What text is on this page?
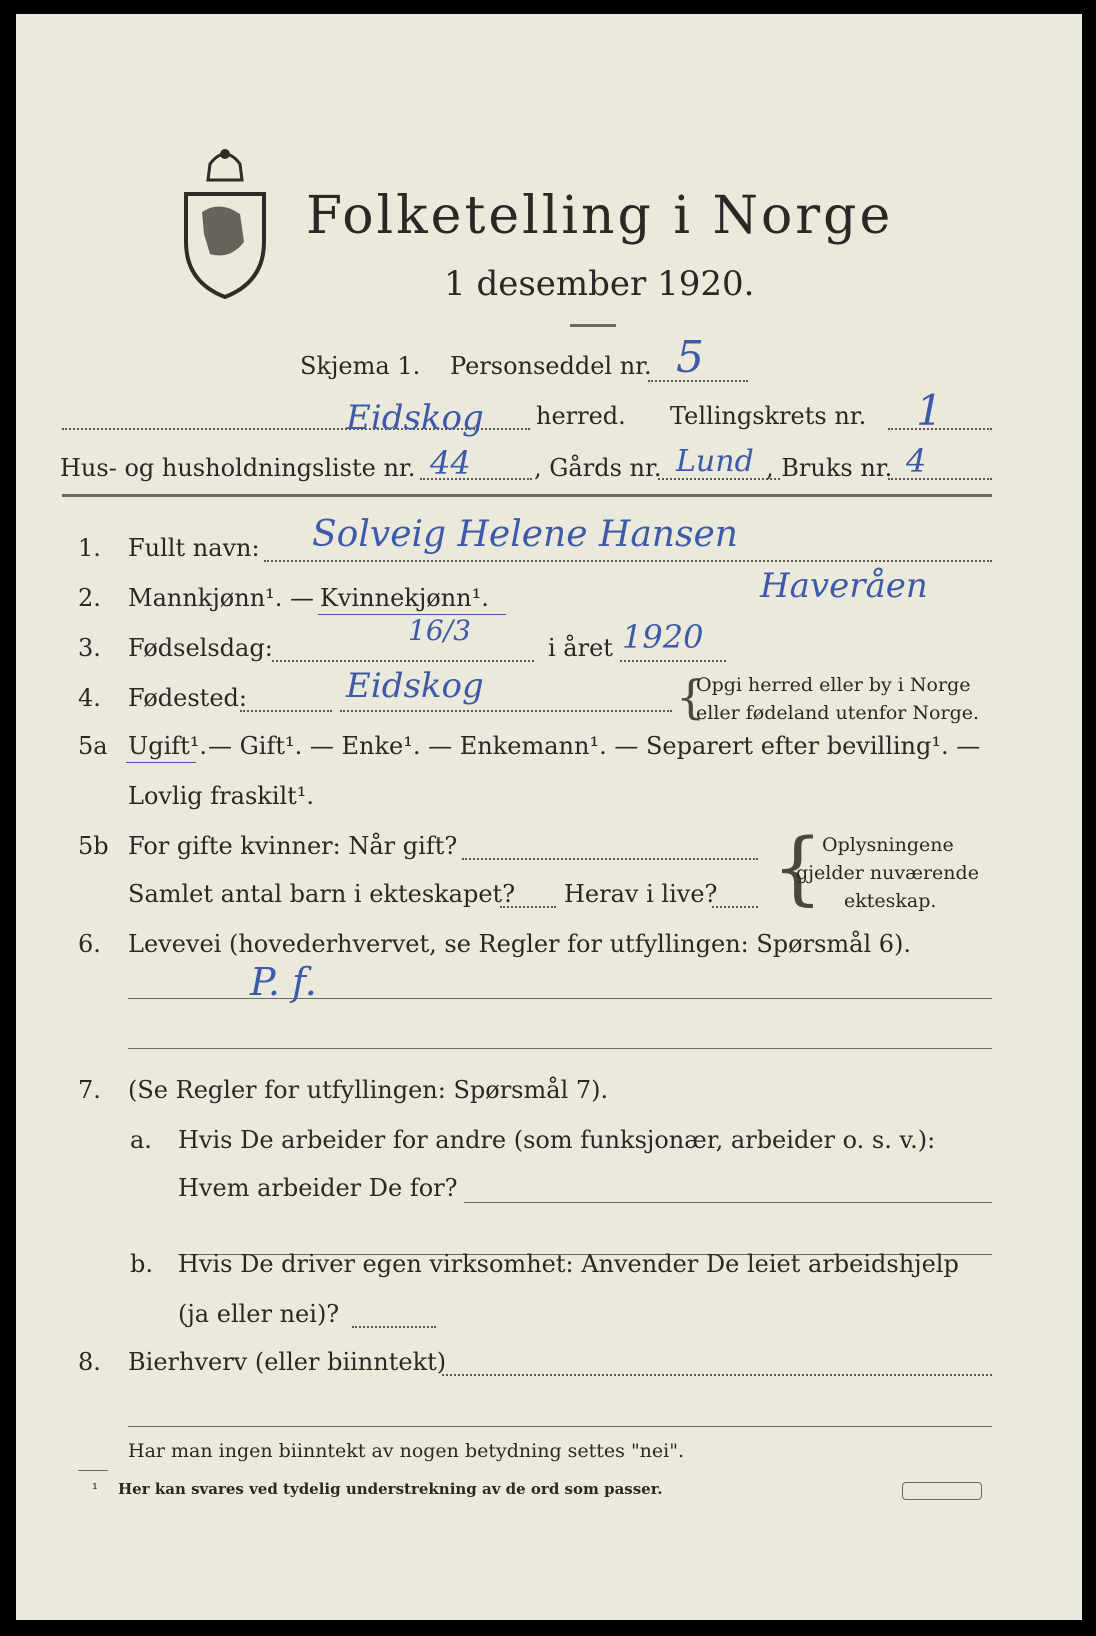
Folketelling i Norge
1 desember 1920.
Skjema 1. Personseddel nr. 5
Eidskog herred. Tellingskrets nr. 1
Hus- og husholdningsliste nr. 44	, Gårds nr. Lund , Bruks nr. 4
1. Fullt navn: Solveig Helene Hansen
Haveråen
2. Mannkjønn¹. — Kvinnekjønn¹.
3. Fødselsdag:
16/3
i året 1920
4. Fødested:	Eidskog	{
Opgi herred eller by i Norge
eller fødeland utenfor Norge.
5a Ugift¹. — Gift¹. — Enke¹. — Enkemann¹. — Separert efter bevilling¹. —
Lovlig fraskilt¹.
5b For gifte kvinner: Når gift?
Samlet antal barn i ekteskapet? Herav i live? { Oplysningene
gjelder nuværende
ekteskap.
6. Levevei (hovederhvervet, se Regler for utfyllingen: Spørsmål 6).
P. f.
7. (Se Regler for utfyllingen: Spørsmål 7).
a. Hvis De arbeider for andre (som funksjonær, arbeider o. s. v.):
Hvem arbeider De for?
b. Hvis De driver egen virksomhet: Anvender De leiet arbeidshjelp
(ja eller nei)?
8. Bierhverv (eller biinntekt)
Har man ingen biinntekt av nogen betydning settes "nei".
¹ Her kan svares ved tydelig understrekning av de ord som passer.
